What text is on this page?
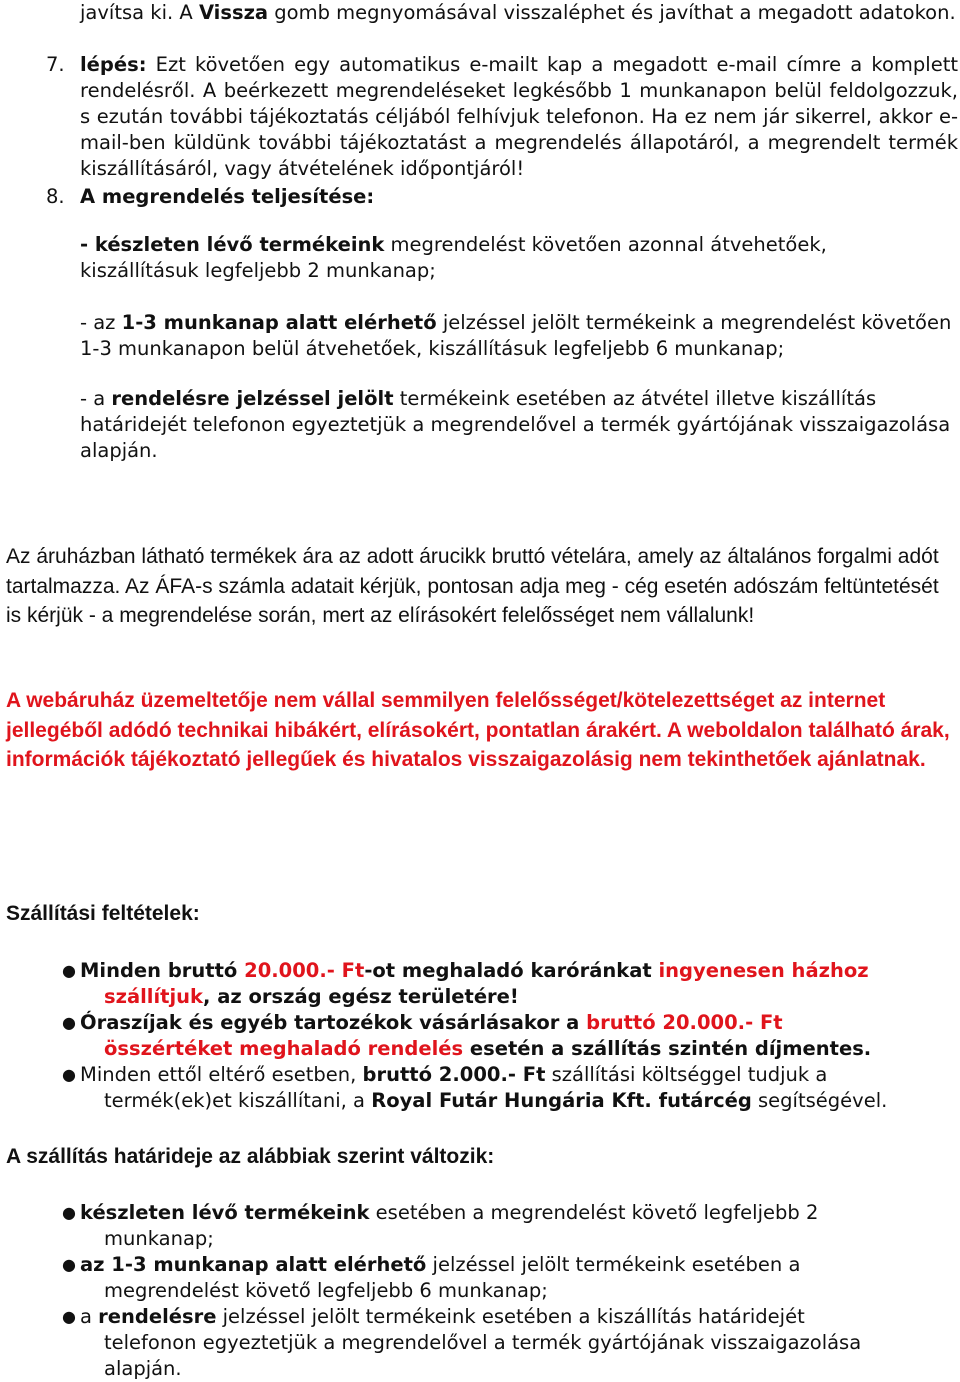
javítsa ki. A Vissza gomb megnyomásával visszaléphet és javíthat a megadott adatokon.
7. lépés: Ezt követően egy automatikus e-mailt kap a megadott e-mail címre a komplett rendelésről. A beérkezett megrendeléseket legkésőbb 1 munkanapon belül feldolgozzuk, s ezután további tájékoztatás céljából felhívjuk telefonon. Ha ez nem jár sikerrel, akkor e-mail-ben küldünk további tájékoztatást a megrendelés állapotáról, a megrendelt termék kiszállításáról, vagy átvételének időpontjáról!
8. A megrendelés teljesítése:
- készleten lévő termékeink megrendelést követően azonnal átvehetőek, kiszállításuk legfeljebb 2 munkanap;
- az 1-3 munkanap alatt elérhető jelzéssel jelölt termékeink a megrendelést követően 1-3 munkanapon belül átvehetőek, kiszállításuk legfeljebb 6 munkanap;
- a rendelésre jelzéssel jelölt termékeink esetében az átvétel illetve kiszállítás határidejét telefonon egyeztetjük a megrendelővel a termék gyártójának visszaigazolása alapján.
Az áruházban látható termékek ára az adott árucikk bruttó vételára, amely az általános forgalmi adót tartalmazza. Az ÁFA-s számla adatait kérjük, pontosan adja meg - cég esetén adószám feltüntetését is kérjük - a megrendelése során, mert az elírásokért felelősséget nem vállalunk!
A webáruház üzemeltetője nem vállal semmilyen felelősséget/kötelezettséget az internet jellegéből adódó technikai hibákért, elírásokért, pontatlan árakért. A weboldalon található árak, információk tájékoztató jellegűek és hivatalos visszaigazolásig nem tekinthetőek ajánlatnak.
Szállítási feltételek:
● Minden bruttó 20.000.- Ft-ot meghaladó karóránkat ingyenesen házhoz
szállítjuk, az ország egész területére!
● Óraszíjak és egyéb tartozékok vásárlásakor a bruttó 20.000.- Ft
összértéket meghaladó rendelés esetén a szállítás szintén díjmentes.
● Minden ettől eltérő esetben, bruttó 2.000.- Ft szállítási költséggel tudjuk a
termék(ek)et kiszállítani, a Royal Futár Hungária Kft. futárcég segítségével.
A szállítás határideje az alábbiak szerint változik:
● készleten lévő termékeink esetében a megrendelést követő legfeljebb 2
munkanap;
● az 1-3 munkanap alatt elérhető jelzéssel jelölt termékeink esetében a
megrendelést követő legfeljebb 6 munkanap;
● a rendelésre jelzéssel jelölt termékeink esetében a kiszállítás határidejét
telefonon egyeztetjük a megrendelővel a termék gyártójának visszaigazolása
alapján.
